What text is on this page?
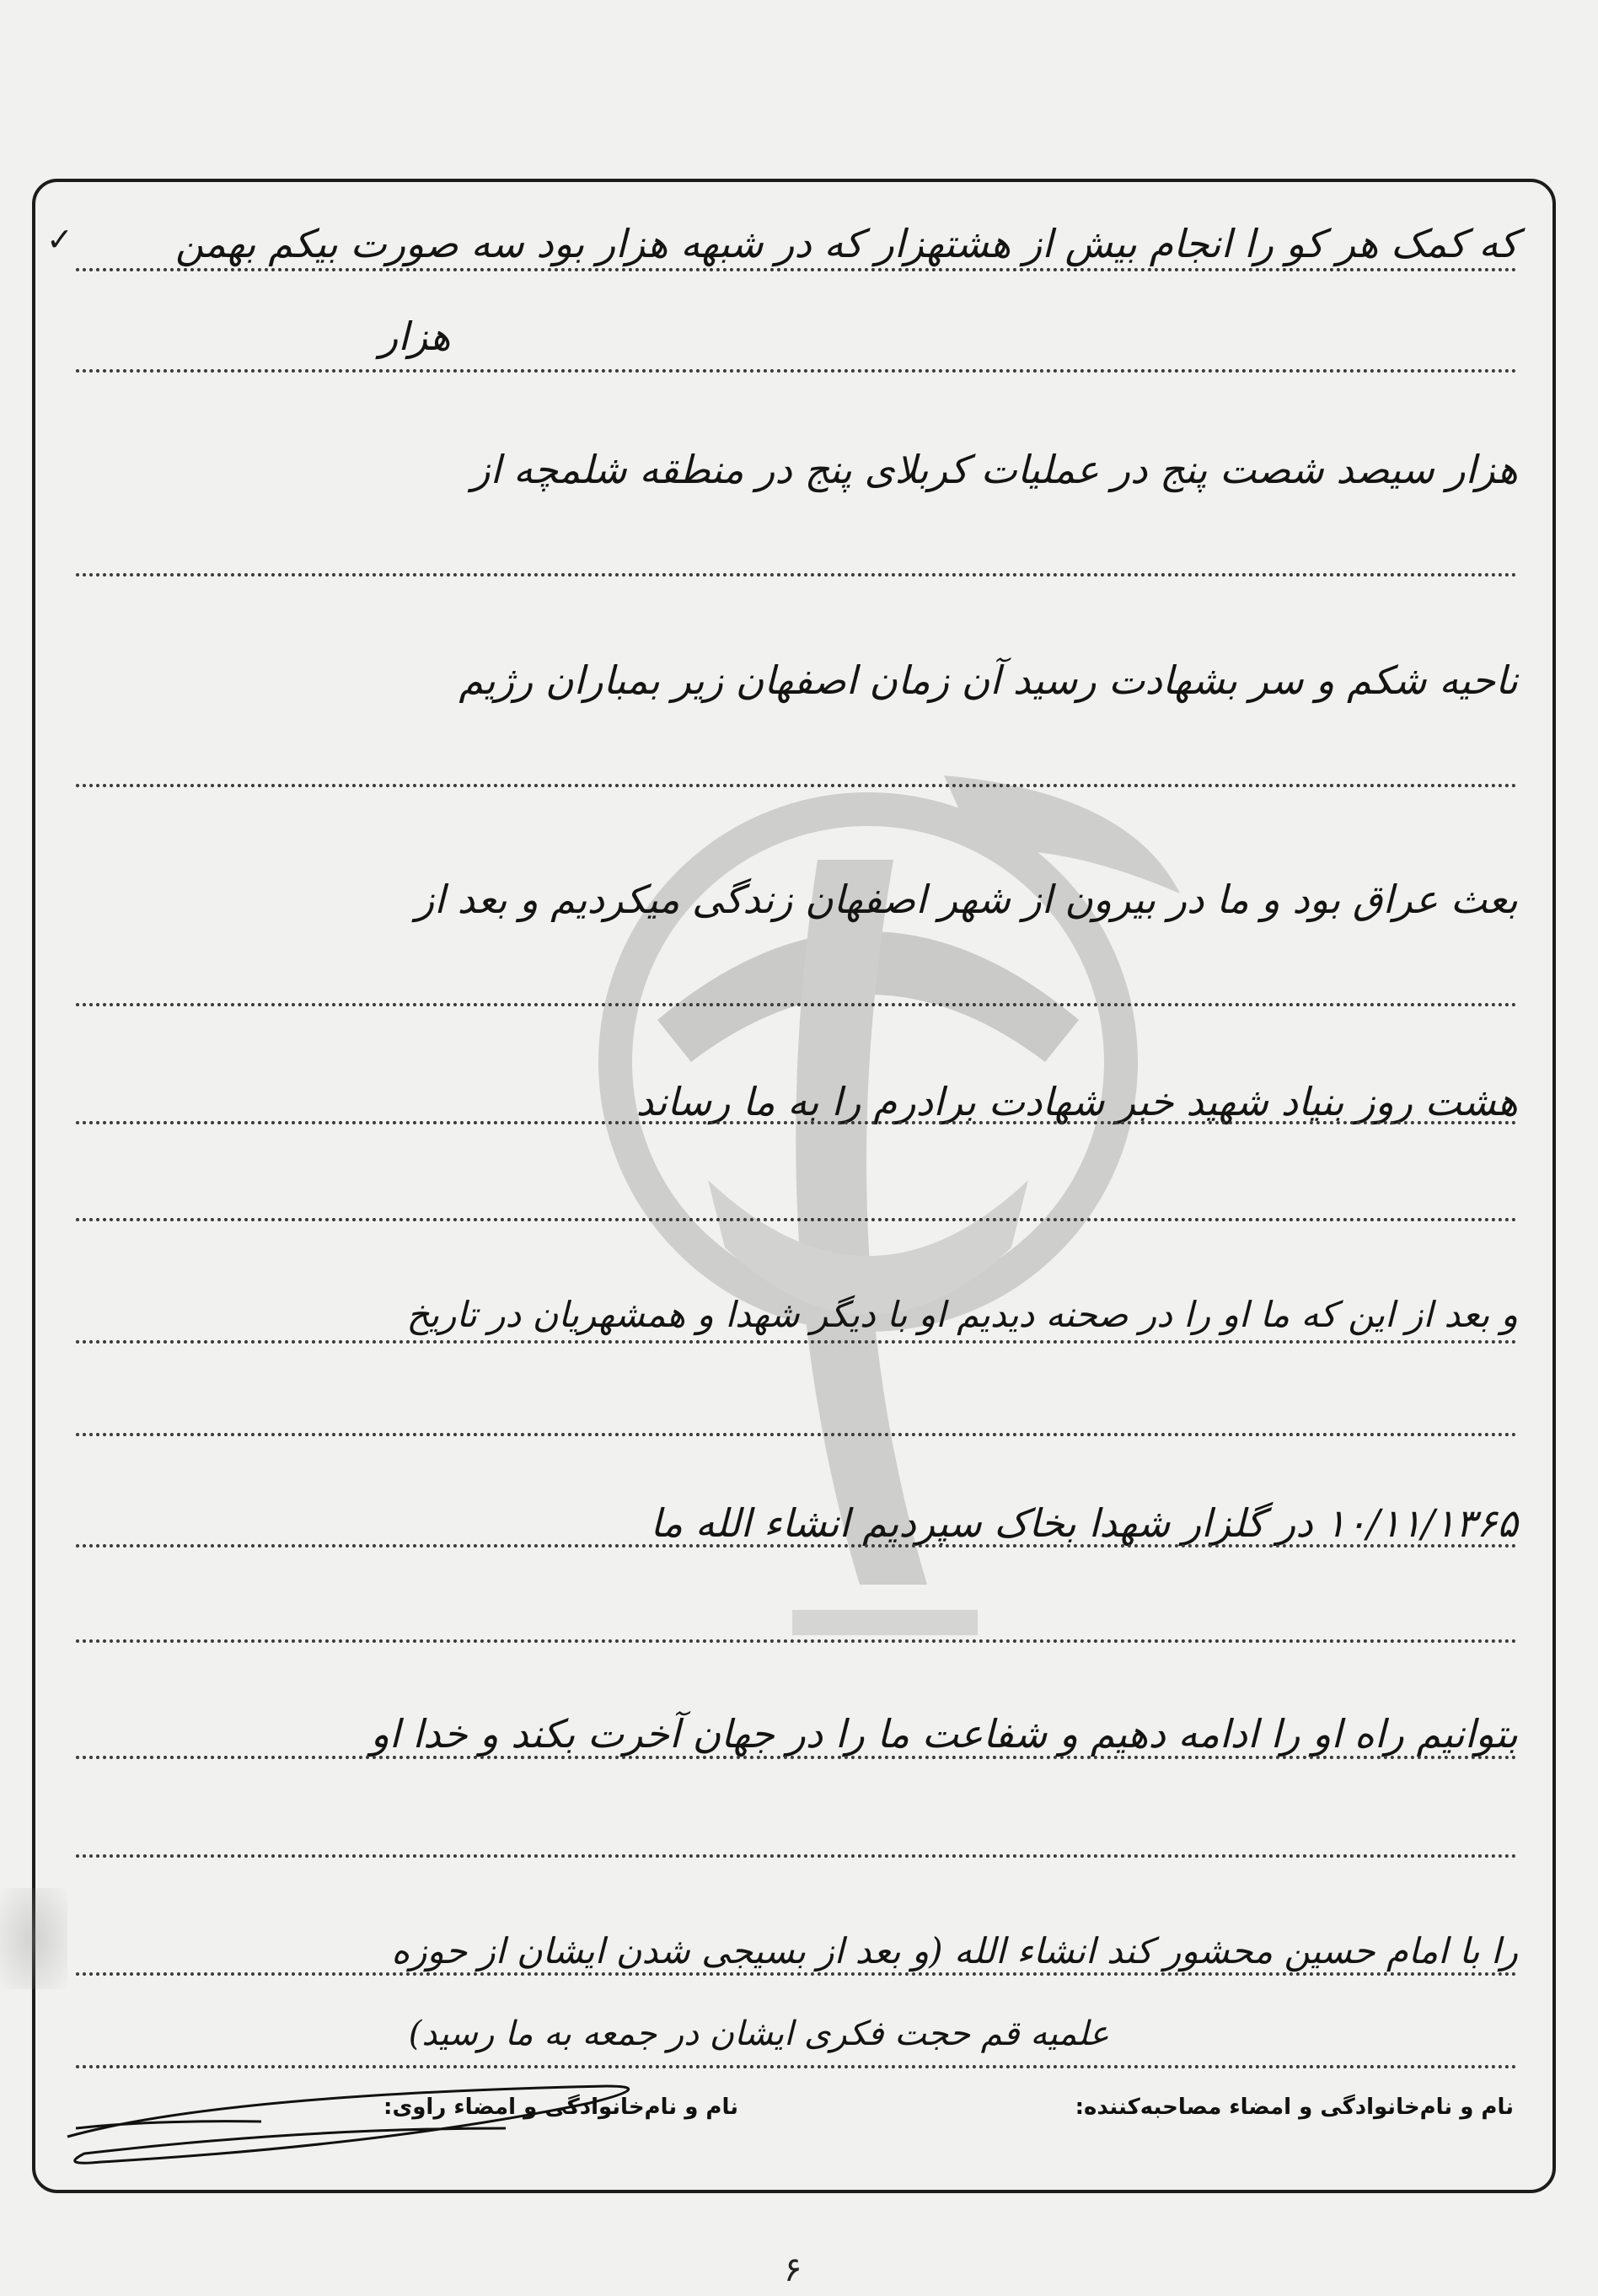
✓	که کمک هر کو را انجام بیش از هشتهزار که در شبهه هزار بود سه صورت بیکم بهمن
هزار
هزار سیصد شصت پنج در عملیات کربلای پنج در منطقه شلمچه از
ناحیه شکم و سر بشهادت رسید آن زمان اصفهان زیر بمباران رژیم
بعث عراق بود و ما در بیرون از شهر اصفهان زندگی میکردیم و بعد از
هشت روز بنیاد شهید خبر شهادت برادرم را به ما رساند
و بعد از این که ما او را در صحنه دیدیم او با دیگر شهدا و همشهریان در تاریخ
۱۰/۱۱/۱۳۶۵ در گلزار شهدا بخاک سپردیم انشاء الله ما
بتوانیم راه او را ادامه دهیم و شفاعت ما را در جهان آخرت بکند و خدا او
را با امام حسین محشور کند انشاء الله (و بعد از بسیجی شدن ایشان از حوزه
علمیه قم حجت فکری ایشان در جمعه به ما رسید)
نام و نام‌خانوادگی و امضاء مصاحبه‌کننده:
نام و نام‌خانوادگی و امضاء راوی:
۶
